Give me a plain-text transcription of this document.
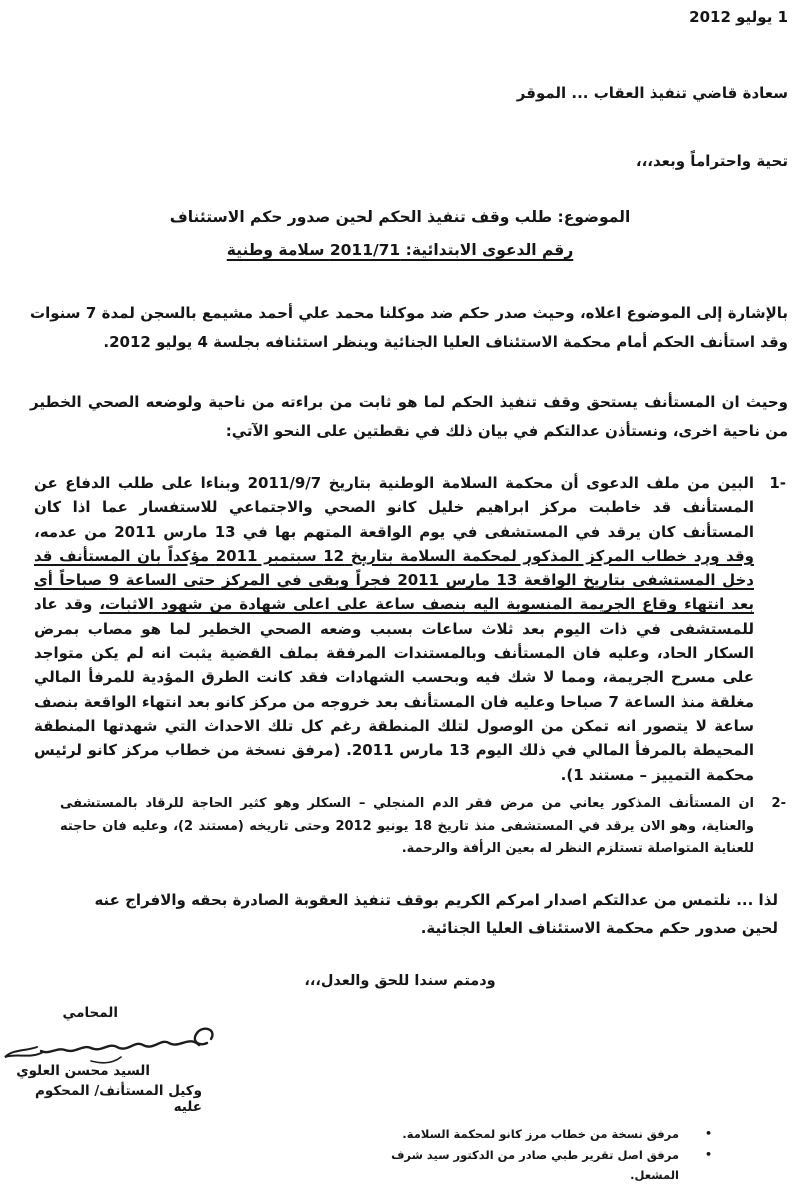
1 يوليو 2012
سعادة قاضي تنفيذ العقاب ... الموقر
تحية واحتراماً وبعد،،،
الموضوع: طلب وقف تنفيذ الحكم لحين صدور حكم الاستئناف
رقم الدعوى الابتدائية: 2011/71 سلامة وطنية
بالإشارة إلى الموضوع اعلاه، وحيث صدر حكم ضد موكلنا محمد علي أحمد مشيمع بالسجن لمدة 7 سنوات وقد استأنف الحكم أمام محكمة الاستئناف العليا الجنائية وينظر استئنافه بجلسة 4 يوليو 2012.
وحيث ان المستأنف يستحق وقف تنفيذ الحكم لما هو ثابت من براءته من ناحية ولوضعه الصحي الخطير من ناحية اخرى، ونستأذن عدالتكم في بيان ذلك في نقطتين على النحو الآتي:
1-
البين من ملف الدعوى أن محكمة السلامة الوطنية بتاريخ 2011/9/7 وبناءا على طلب الدفاع عن المستأنف قد خاطبت مركز ابراهيم خليل كانو الصحي والاجتماعي للاستفسار عما اذا كان المستأنف كان يرقد في المستشفى في يوم الواقعة المتهم بها في 13 مارس 2011 من عدمه، وقد ورد خطاب المركز المذكور لمحكمة السلامة بتاريخ 12 سبتمبر 2011 مؤكداً بان المستأنف قد دخل المستشفى بتاريخ الواقعة 13 مارس 2011 فجراً وبقى في المركز حتى الساعة 9 صباحاً أى بعد انتهاء وقاع الجريمة المنسوبة اليه بنصف ساعة على اعلى شهادة من شهود الاثبات، وقد عاد للمستشفى في ذات اليوم بعد ثلاث ساعات بسبب وضعه الصحي الخطير لما هو مصاب بمرض السكار الحاد، وعليه فان المستأنف وبالمستندات المرفقة بملف القضية يثبت انه لم يكن متواجد على مسرح الجريمة، ومما لا شك فيه وبحسب الشهادات فقد كانت الطرق المؤدية للمرفأ المالي مغلقة منذ الساعة 7 صباحا وعليه فان المستأنف بعد خروجه من مركز كانو بعد انتهاء الواقعة بنصف ساعة لا يتصور انه تمكن من الوصول لتلك المنطقة رغم كل تلك الاحداث التي شهدتها المنطقة المحيطة بالمرفأ المالي في ذلك اليوم 13 مارس 2011. (مرفق نسخة من خطاب مركز كانو لرئيس محكمة التمييز – مستند 1).
2-
ان المستأنف المذكور يعاني من مرض فقر الدم المنجلي – السكلر وهو كثير الحاجة للرقاد بالمستشفى والعناية، وهو الان يرقد في المستشفى منذ تاريخ 18 يونيو 2012 وحتى تاريخه (مستند 2)، وعليه فان حاجته للعناية المتواصلة تستلزم النظر له بعين الرأفة والرحمة.
لذا ... نلتمس من عدالتكم اصدار امركم الكريم بوقف تنفيذ العقوبة الصادرة بحقه والافراج عنه لحين صدور حكم محكمة الاستئناف العليا الجنائية.
ودمتم سندا للحق والعدل،،،
المحامي
السيد محسن العلوي
وكيل المستأنف/ المحكوم عليه
•
مرفق نسخة من خطاب مرز كانو لمحكمة السلامة.
•
مرفق اصل تقرير طبي صادر من الدكتور سيد شرف المشعل.
